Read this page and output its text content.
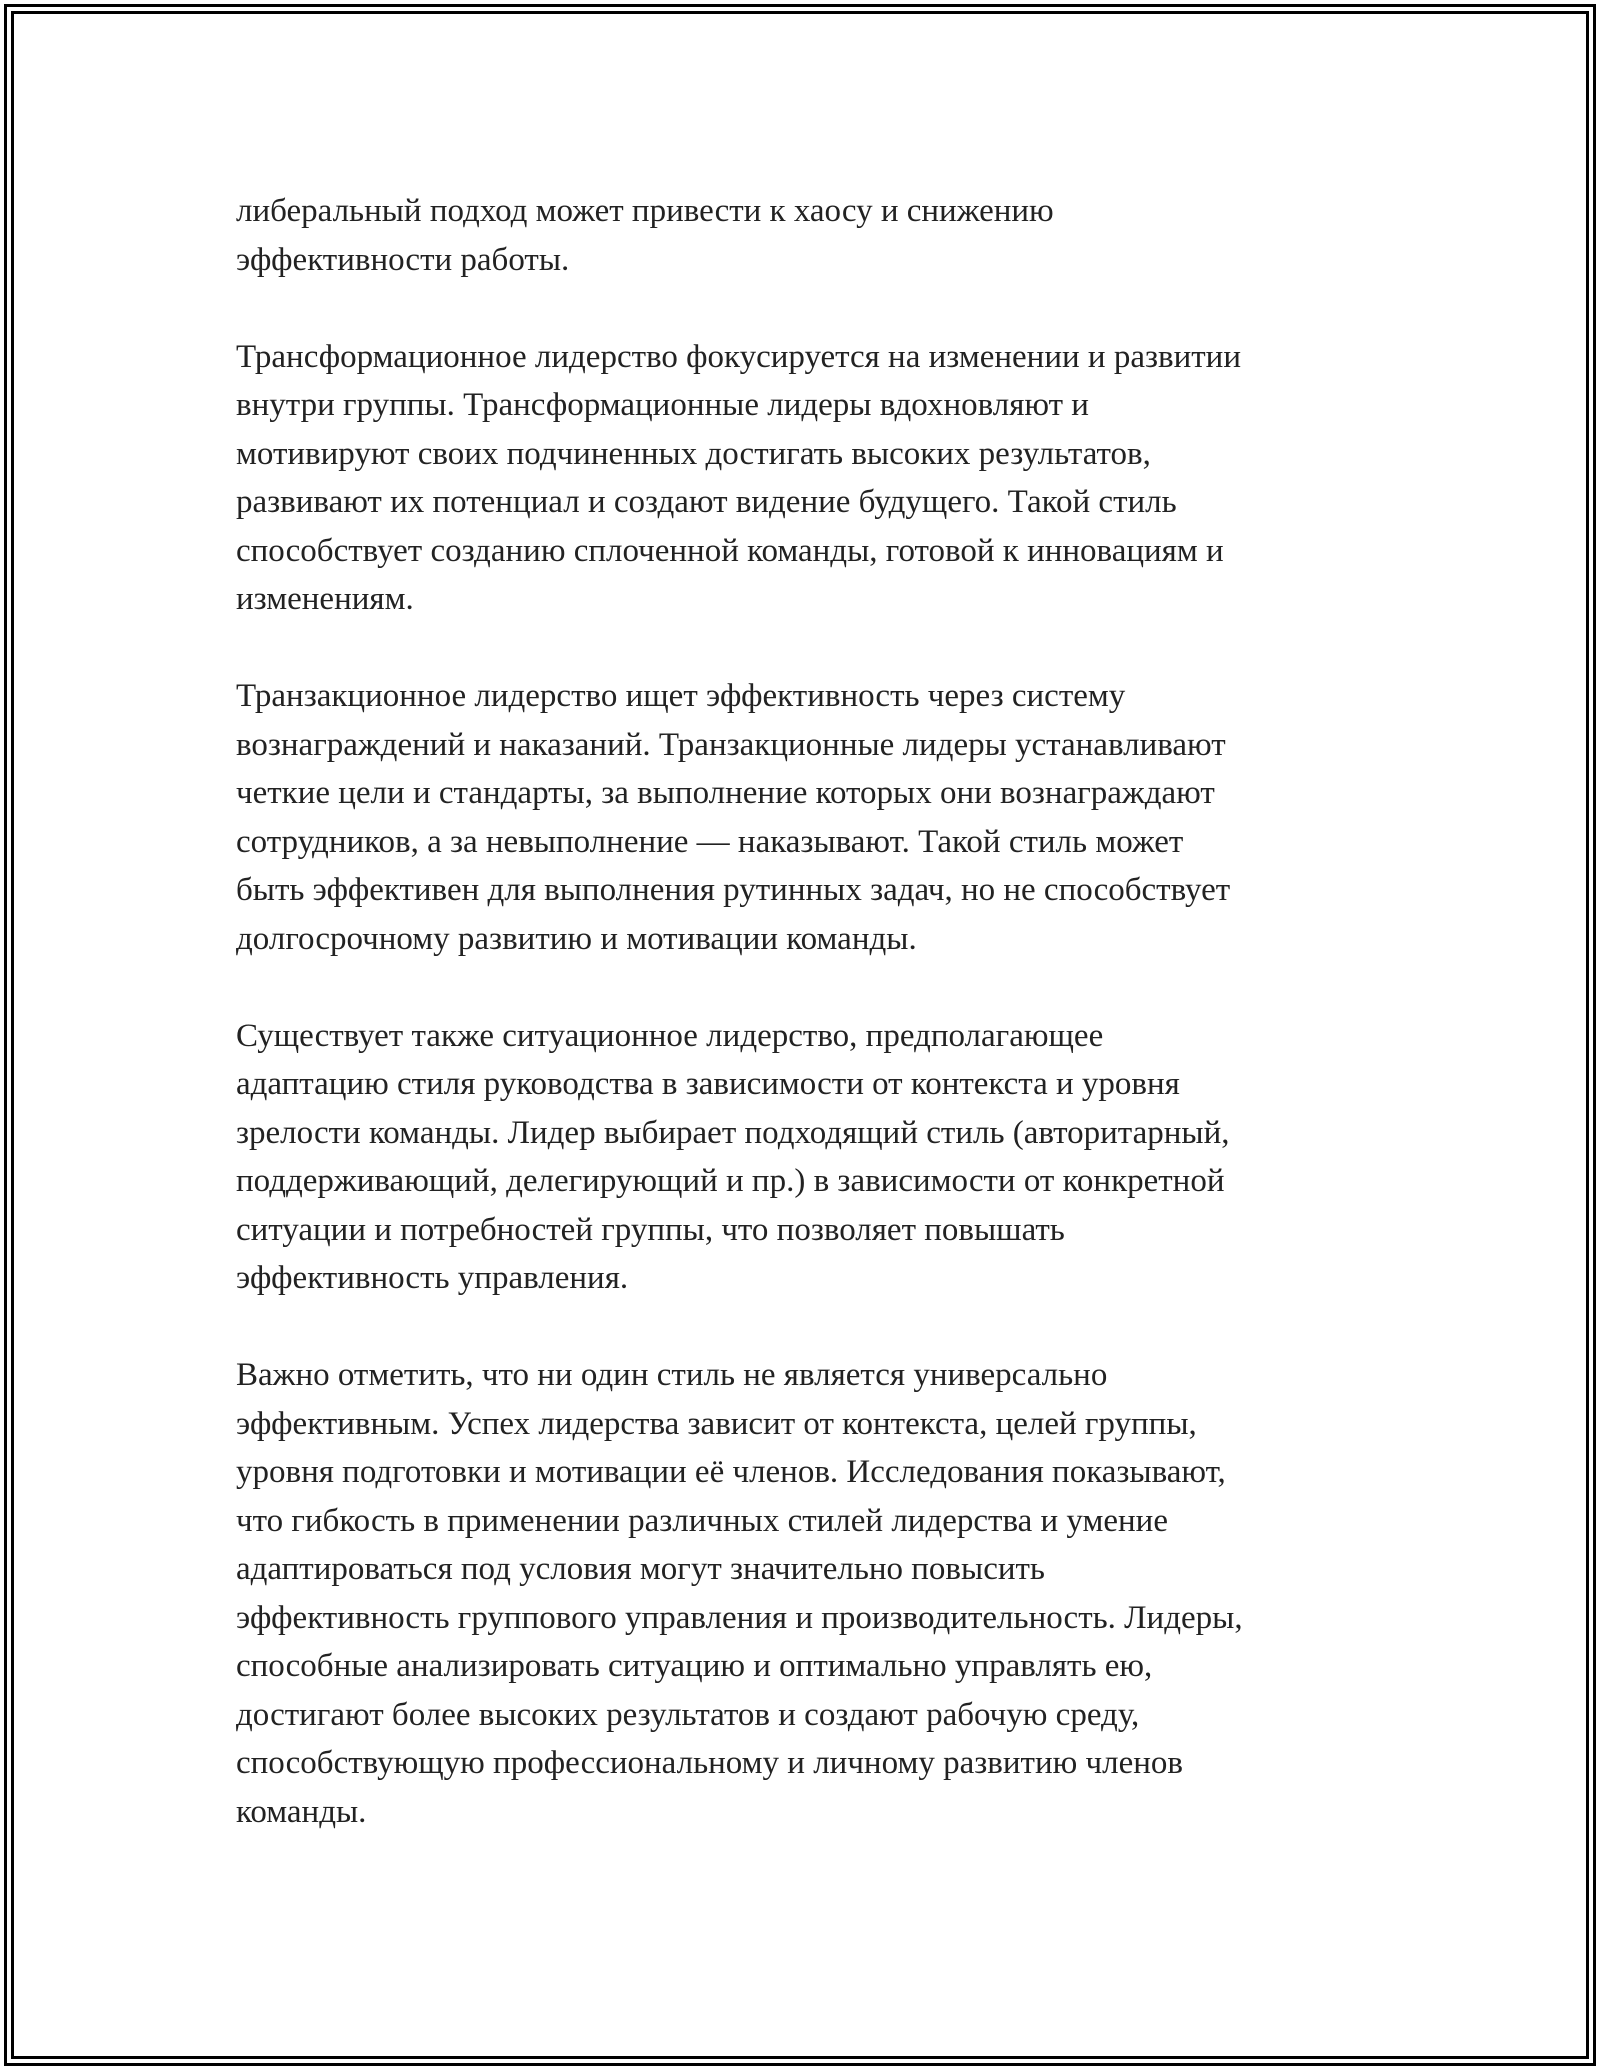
либеральный подход может привести к хаосу и снижению
эффективности работы.

Трансформационное лидерство фокусируется на изменении и развитии
внутри группы. Трансформационные лидеры вдохновляют и
мотивируют своих подчиненных достигать высоких результатов,
развивают их потенциал и создают видение будущего. Такой стиль
способствует созданию сплоченной команды, готовой к инновациям и
изменениям.

Транзакционное лидерство ищет эффективность через систему
вознаграждений и наказаний. Транзакционные лидеры устанавливают
четкие цели и стандарты, за выполнение которых они вознаграждают
сотрудников, а за невыполнение — наказывают. Такой стиль может
быть эффективен для выполнения рутинных задач, но не способствует
долгосрочному развитию и мотивации команды.

Существует также ситуационное лидерство, предполагающее
адаптацию стиля руководства в зависимости от контекста и уровня
зрелости команды. Лидер выбирает подходящий стиль (авторитарный,
поддерживающий, делегирующий и пр.) в зависимости от конкретной
ситуации и потребностей группы, что позволяет повышать
эффективность управления.

Важно отметить, что ни один стиль не является универсально
эффективным. Успех лидерства зависит от контекста, целей группы,
уровня подготовки и мотивации её членов. Исследования показывают,
что гибкость в применении различных стилей лидерства и умение
адаптироваться под условия могут значительно повысить
эффективность группового управления и производительность. Лидеры,
способные анализировать ситуацию и оптимально управлять ею,
достигают более высоких результатов и создают рабочую среду,
способствующую профессиональному и личному развитию членов
команды.
